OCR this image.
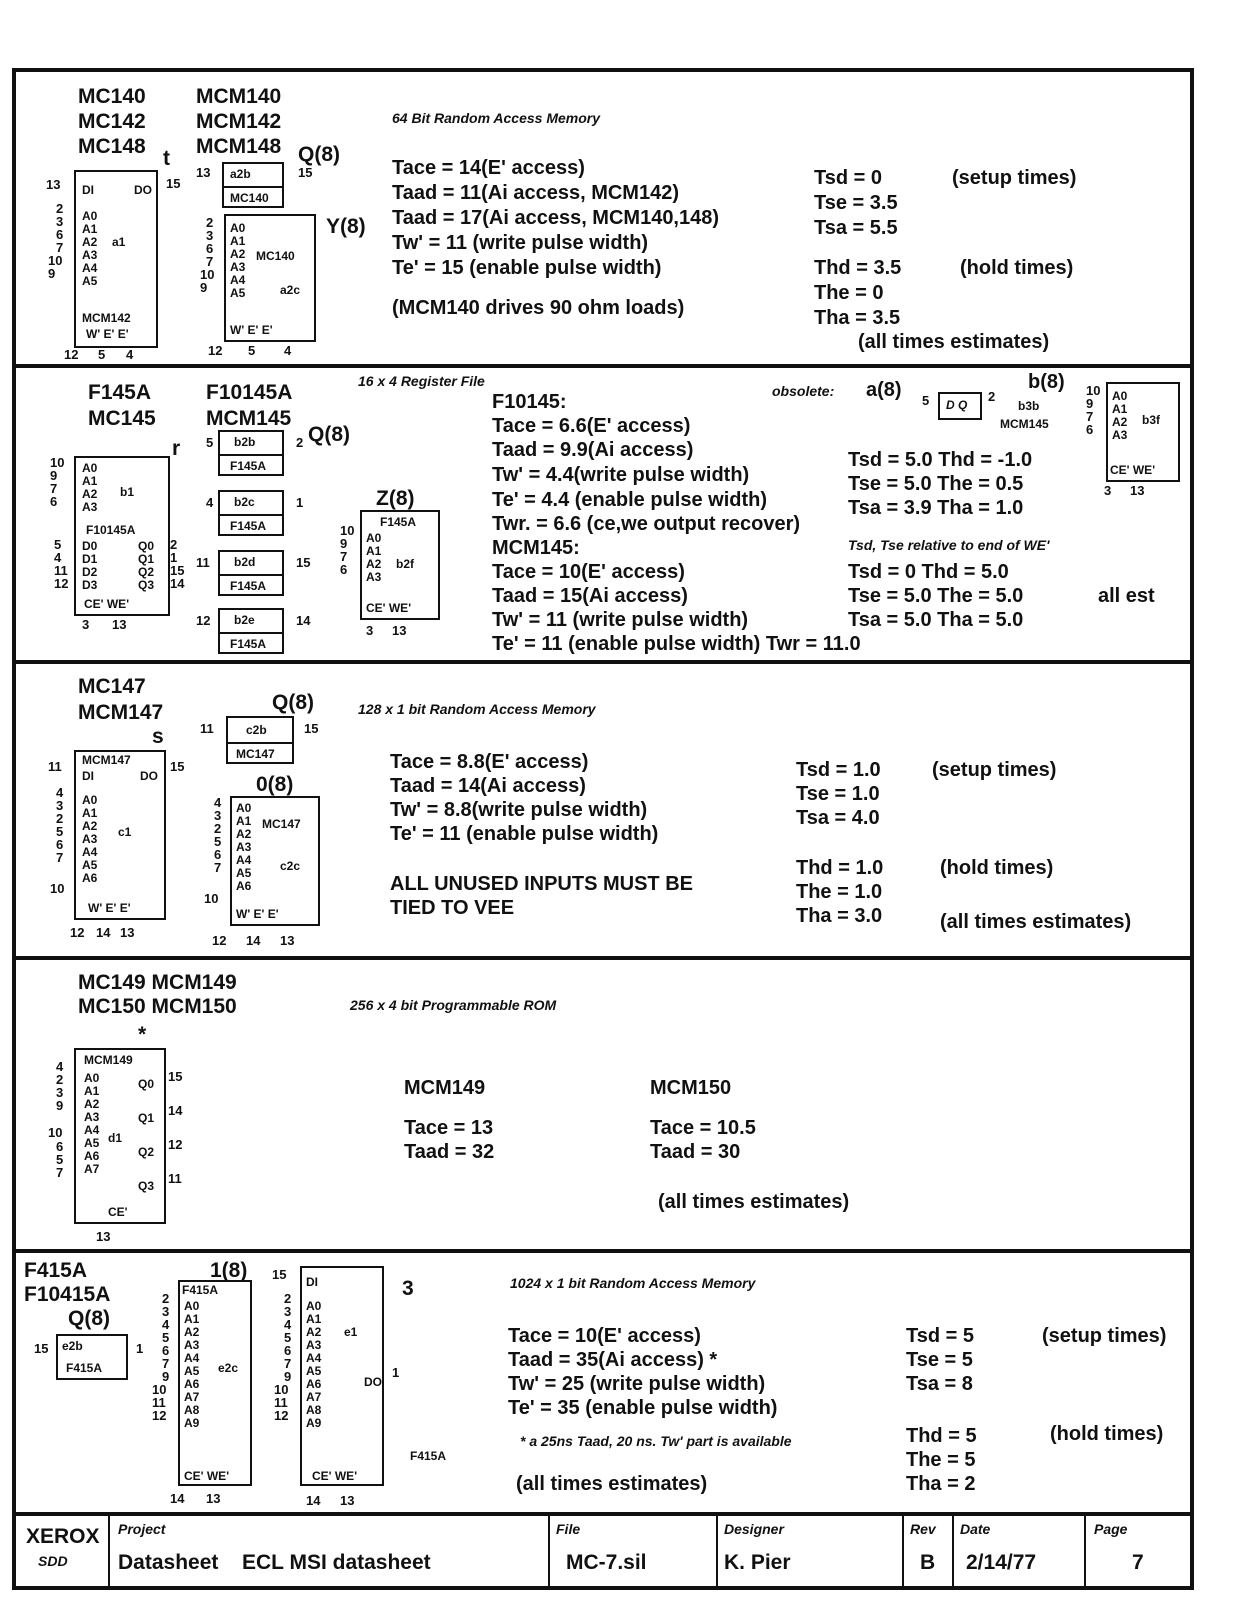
MC140
MC142
MC148
MCM140
MCM142
MCM148 Q(8)
Y(8)
t
64 Bit Random Access Memory
DI	DO
A0
A1
A2
A3
A4
A5
a1
MCM142
W' E' E'
13
2
3
6
7
10
9
15
12 5 4
a2b
MC140
13	15
A0
A1
A2
A3
A4
A5
MC140
a2c
W' E' E'
2
3
6
7
10
9
12 5 4
Tace = 14(E' access)
Taad = 11(Ai access, MCM142)
Taad = 17(Ai access, MCM140,148)
Tw' = 11 (write pulse width)
Te' = 15 (enable pulse width)
(MCM140 drives 90 ohm loads)
Tsd = 0
Tse = 3.5
Tsa = 5.5
(setup times)
Thd = 3.5
The = 0
Tha = 3.5
(hold times)
(all times estimates)
F145A
MC145
F10145A
MCM145
Q(8)
Z(8)
r
16 x 4 Register File
obsolete: a(8)	b(8)
A0
A1
A2
A3
b1
F10145A
D0
D1
D2
D3
Q0
Q1
Q2
Q3
CE' WE'
10
9
7
6
5
4
11
12
2
1
15
14
3 13
b2b
F145A
5	2
b2c
F145A
4	1
b2d
F145A
11	15
b2e
F145A
12	14
F145A
A0
A1
A2
A3
b2f
CE' WE'
10
9
7
6
3 13
F10145:
Tace = 6.6(E' access)
Taad = 9.9(Ai access)
Tw' = 4.4(write pulse width)
Te' = 4.4 (enable pulse width)
Twr. = 6.6 (ce,we output recover)
MCM145:
Tace = 10(E' access)
Taad = 15(Ai access)
Tw' = 11 (write pulse width)
Te' = 11 (enable pulse width) Twr = 11.0
Tsd = 5.0 Thd = -1.0
Tse = 5.0 The = 0.5
Tsa = 3.9 Tha = 1.0
Tsd, Tse relative to end of WE'
Tsd = 0 Thd = 5.0
Tse = 5.0 The = 5.0
Tsa = 5.0 Tha = 5.0
all est
D Q
5	2
b3b
MCM145
A0
A1
A2
A3
b3f
CE' WE'
10
9
7
6
3 13
MC147
MCM147	Q(8)
0(8)
s
128 x 1 bit Random Access Memory
MCM147
DI	DO
A0
A1
A2
A3
A4
A5
A6
c1
W' E' E'
11
4
3
2
5
6
7
10
15
12 14 13
c2b
MC147
11	15
A0
A1
A2
A3
A4
A5
A6
MC147
c2c
W' E' E'
4
3
2
5
6
7
10
12 14 13
Tace = 8.8(E' access)
Taad = 14(Ai access)
Tw' = 8.8(write pulse width)
Te' = 11 (enable pulse width)
ALL UNUSED INPUTS MUST BE
TIED TO VEE
Tsd = 1.0
Tse = 1.0
Tsa = 4.0
(setup times)
Thd = 1.0
The = 1.0
Tha = 3.0
(hold times)
(all times estimates)
MC149 MCM149
MC150 MCM150	256 x 4 bit Programmable ROM
*
MCM149
A0
A1
A2
A3
A4
A5
A6
A7
d1
Q0
Q1
Q2
Q3
CE'
4
2
3
9
10
6
5
7
15
14
12
11
13
MCM149
Tace = 13
Taad = 32
MCM150
Tace = 10.5
Taad = 30
(all times estimates)
F415A
F10415A
Q(8)
1(8)
3	1024 x 1 bit Random Access Memory
e2b
F415A
15	1
F415A
A0
A1
A2
A3
A4
A5
A6
A7
A8
A9
e2c
CE' WE'
2
3
4
5
6
7
9
10
11
12
14 13
DI
A0
A1
A2
A3
A4
A5
A6
A7
A8
A9
e1
DO
CE' WE'
15
2
3
4
5
6
7
9
10
11
12
1
14 13
F415A
Tace = 10(E' access)
Taad = 35(Ai access) *
Tw' = 25 (write pulse width)
Te' = 35 (enable pulse width)
* a 25ns Taad, 20 ns. Tw' part is available
(all times estimates)
Tsd = 5
Tse = 5
Tsa = 8
(setup times)
Thd = 5
The = 5
Tha = 2
(hold times)
XEROX
SDD
Project
Datasheet ECL MSI datasheet
File
MC-7.sil
Designer
K. Pier
Rev
B
Date
2/14/77
Page
7
